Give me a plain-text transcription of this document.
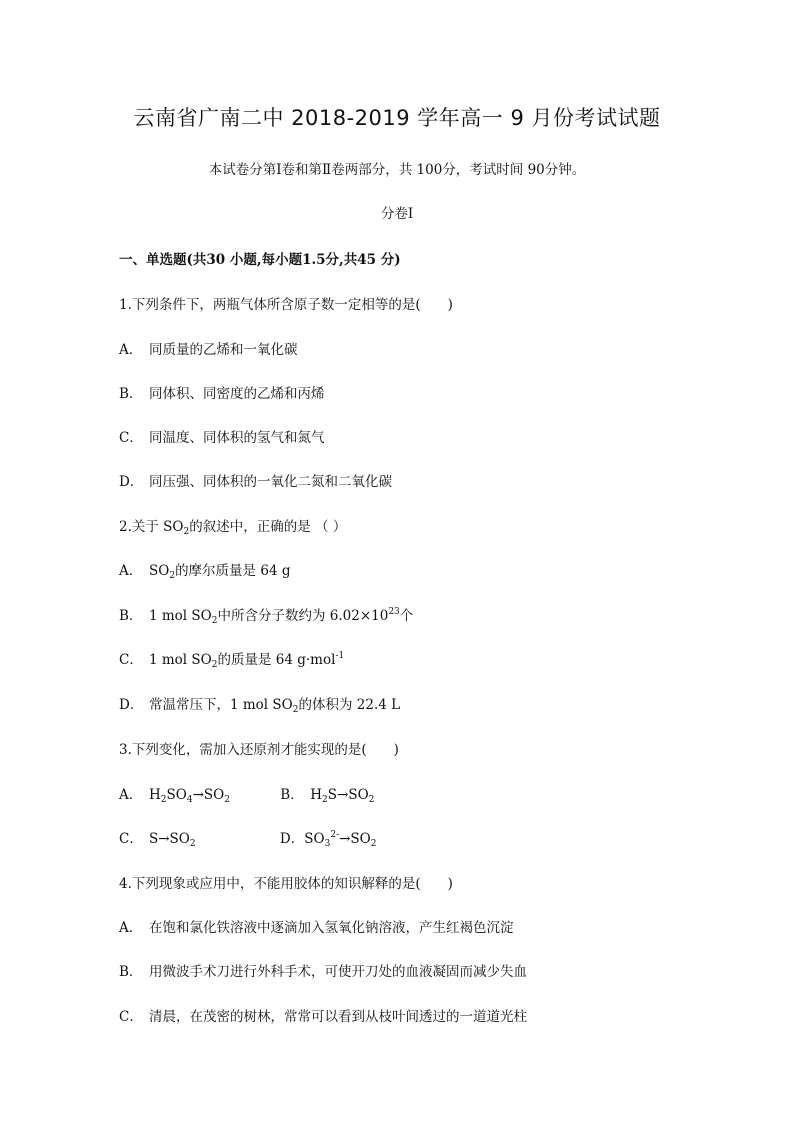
云南省广南二中 2018-2019 学年高一 9 月份考试试题
本试卷分第Ⅰ卷和第Ⅱ卷两部分，共 100分，考试时间 90分钟。
分卷I
一、单选题(共30 小题,每小题1.5分,共45 分)
1.下列条件下，两瓶气体所含原子数一定相等的是(　　)
A． 同质量的乙烯和一氧化碳
B． 同体积、同密度的乙烯和丙烯
C． 同温度、同体积的氢气和氮气
D． 同压强、同体积的一氧化二氮和二氧化碳
2.关于 $SO_2$的叙述中，正确的是 （ ）
A． $SO_2$的摩尔质量是 64 g
B． 1 mol $SO_2$中所含分子数约为 $6.02\times 10^{23}$个
C． 1 mol $SO_2$的质量是 64 g·mol$^{-1}$
D． 常温常压下，1 mol $SO_2$的体积为 22.4 L
3.下列变化，需加入还原剂才能实现的是(　　)
A． $H_2SO_4\to SO_2$	B． $H_2S\to SO_2$
C． $S\to SO_2$	D．$SO_3^{2-}\to SO_2$
4.下列现象或应用中，不能用胶体的知识解释的是(　　)
A． 在饱和氯化铁溶液中逐滴加入氢氧化钠溶液，产生红褐色沉淀
B． 用微波手术刀进行外科手术，可使开刀处的血液凝固而减少失血
C． 清晨，在茂密的树林，常常可以看到从枝叶间透过的一道道光柱
